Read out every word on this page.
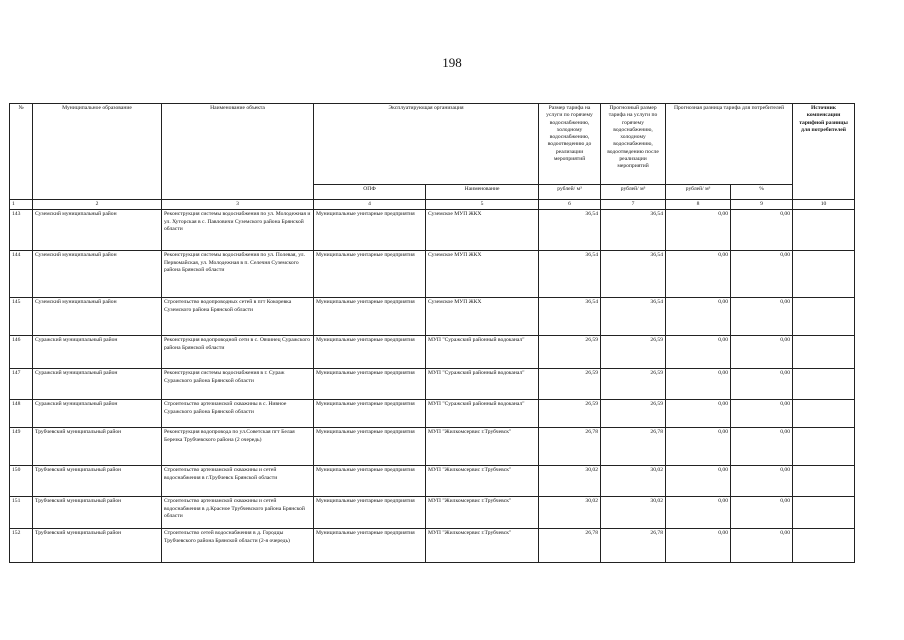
198
№	Муниципальное образование	Наименование объекта	Эксплуатирующая организация		Размер тарифа на услуги по горячему водоснабжению, холодному водоснабжению, водоотведению до реализации мероприятий	Прогнозный размер тарифа на услуги по горячему водоснабжению, холодному водоснабжению, водоотведению после реализации мероприятий	Прогнозная разница тарифа для потребителей		Источник компенсации тарифной разницы для потребителей
			ОПФ	Наименование	рублей/ м³	рублей/ м³	рублей/ м³	%	
1	2	3	4	5	6	7	8	9	10
143	Суземский муниципальный район	Реконструкция системы водоснабжения по ул. Молодежная и ул. Хуторская в с. Павловичи Суземского района Брянской области	Муниципальные унитарные предприятия	Суземское МУП ЖКХ	36,54	36,54	0,00	0,00	
144	Суземский муниципальный район	Реконструкция системы водоснабжения по ул. Полевая, ул. Первомайская, ул. Молодежная в п. Селечня Суземского района Брянской области	Муниципальные унитарные предприятия	Суземское МУП ЖКХ	36,54	36,54	0,00	0,00	
145	Суземский муниципальный район	Строительство водопроводных сетей в пгт Кокоревка Суземского района Брянской области	Муниципальные унитарные предприятия	Суземское МУП ЖКХ	36,54	36,54	0,00	0,00	
146	Суражский муниципальный район	Реконструкция водопроводной сети в с. Овчинец Суражского района Брянской области	Муниципальные унитарные предприятия	МУП "Суражский районный водоканал"	26,59	26,59	0,00	0,00	
147	Суражский муниципальный район	Реконструкция системы водоснабжения в г. Сураж Суражского района Брянской области	Муниципальные унитарные предприятия	МУП "Суражский районный водоканал"	26,59	26,59	0,00	0,00	
148	Суражский муниципальный район	Строительство артезианской скважины в с. Нивное Суражского района Брянской области	Муниципальные унитарные предприятия	МУП "Суражский районный водоканал"	26,59	26,59	0,00	0,00	
149	Трубчевский муниципальный район	Реконструкция водопровода по ул.Советская пгт Белая Березка Трубчевского района (2 очередь)	Муниципальные унитарные предприятия	МУП "Жилкомсервис г.Трубчевск"	26,78	26,78	0,00	0,00	
150	Трубчевский муниципальный район	Строительство артезианской скважины и сетей водоснабжения в г.Трубчевск Брянской области	Муниципальные унитарные предприятия	МУП "Жилкомсервис г.Трубчевск"	30,02	30,02	0,00	0,00	
151	Трубчевский муниципальный район	Строительство артезианской скважины и сетей водоснабжения в д.Красное Трубчевского района Брянской области	Муниципальные унитарные предприятия	МУП "Жилкомсервис г.Трубчевск"	30,02	30,02	0,00	0,00	
152	Трубчевский муниципальный район	Строительство сетей водоснабжения в д. Городцы Трубчевского района Брянской области (2-я очередь)	Муниципальные унитарные предприятия	МУП "Жилкомсервис г.Трубчевск"	26,78	26,78	0,00	0,00	
